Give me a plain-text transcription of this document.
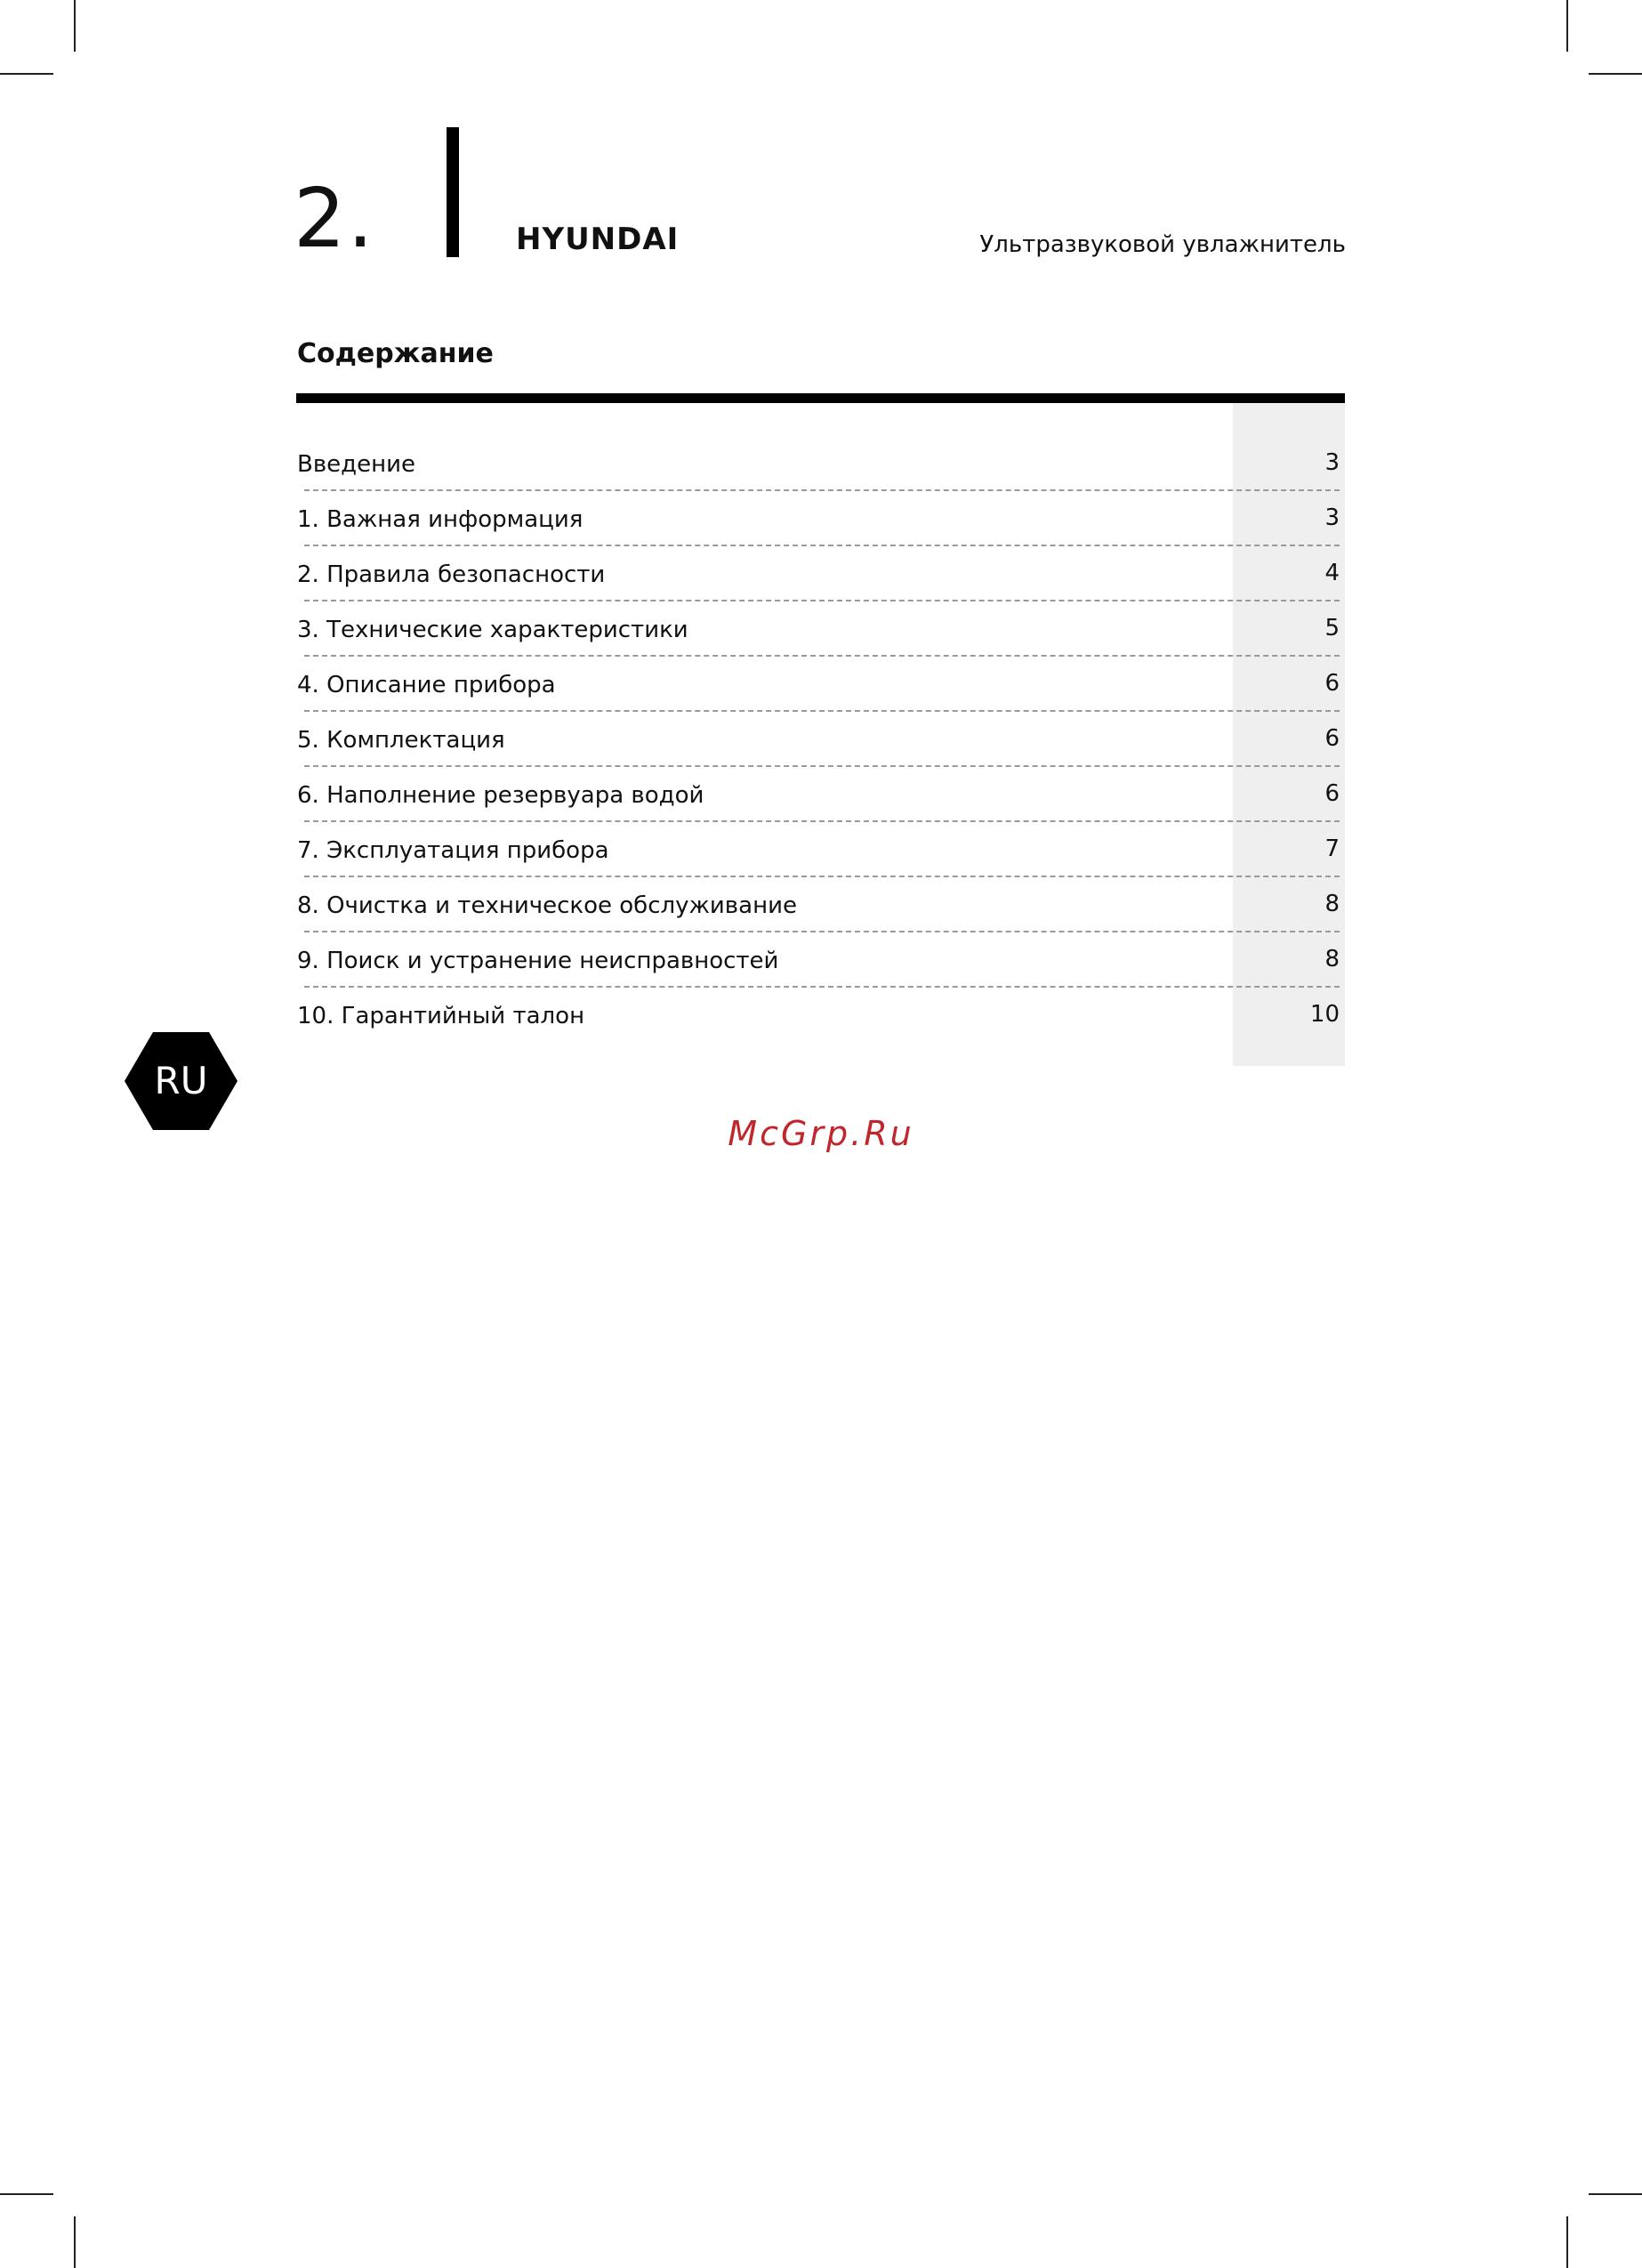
2.	HYUNDAI	Ультразвуковой увлажнитель
Содержание
Введение	3
1. Важная информация	3
2. Правила безопасности	4
3. Технические характеристики	5
4. Описание прибора	6
5. Комплектация	6
6. Наполнение резервуара водой	6
7. Эксплуатация прибора	7
8. Очистка и техническое обслуживание	8
9. Поиск и устранение неисправностей	8
10. Гарантийный талон	10
RU
McGrp.Ru
